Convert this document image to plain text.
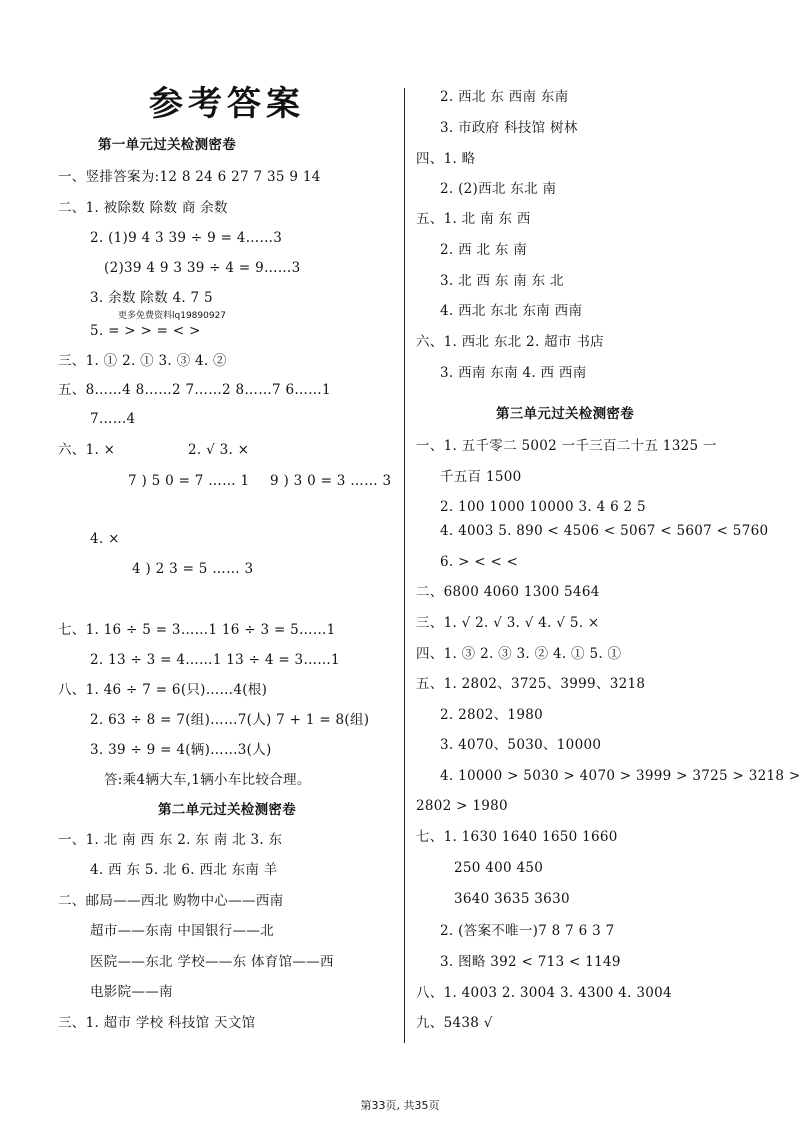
参考答案
第一单元过关检测密卷
一、竖排答案为:12 8 24 6 27 7 35 9 14
二、1. 被除数 除数 商 余数
2. (1)9 4 3 39 ÷ 9 = 4……3
(2)39 4 9 3 39 ÷ 4 = 9……3
3. 余数 除数 4. 7 5
更多免费资料lq19890927
5. = > > = < >
三、1. ① 2. ① 3. ③ 4. ②
五、8……4 8……2 7……2 8……7 6……1
7……4
六、1. ×	2. √ 3. ×
7 ) 5 0 = 7 …… 1 9 ) 3 0 = 3 …… 3
4. ×
4 ) 2 3 = 5 …… 3
七、1. 16 ÷ 5 = 3……1 16 ÷ 3 = 5……1
2. 13 ÷ 3 = 4……1 13 ÷ 4 = 3……1
八、1. 46 ÷ 7 = 6(只)……4(根)
2. 63 ÷ 8 = 7(组)……7(人) 7 + 1 = 8(组)
3. 39 ÷ 9 = 4(辆)……3(人)
答:乘4辆大车,1辆小车比较合理。
第二单元过关检测密卷
一、1. 北 南 西 东 2. 东 南 北 3. 东
4. 西 东 5. 北 6. 西北 东南 羊
二、邮局——西北 购物中心——西南
超市——东南 中国银行——北
医院——东北 学校——东 体育馆——西
电影院——南
三、1. 超市 学校 科技馆 天文馆
2. 西北 东 西南 东南
3. 市政府 科技馆 树林
四、1. 略
2. (2)西北 东北 南
五、1. 北 南 东 西
2. 西 北 东 南
3. 北 西 东 南 东 北
4. 西北 东北 东南 西南
六、1. 西北 东北 2. 超市 书店
3. 西南 东南 4. 西 西南
第三单元过关检测密卷
一、1. 五千零二 5002 一千三百二十五 1325 一
千五百 1500
2. 100 1000 10000 3. 4 6 2 5
4. 4003 5. 890 < 4506 < 5067 < 5607 < 5760
6. > < < <
二、6800 4060 1300 5464
三、1. √ 2. √ 3. √ 4. √ 5. ×
四、1. ③ 2. ③ 3. ② 4. ① 5. ①
五、1. 2802、3725、3999、3218
2. 2802、1980
3. 4070、5030、10000
4. 10000 > 5030 > 4070 > 3999 > 3725 > 3218 >
2802 > 1980
七、1. 1630 1640 1650 1660
250 400 450
3640 3635 3630
2. (答案不唯一)7 8 7 6 3 7
3. 图略 392 < 713 < 1149
八、1. 4003 2. 3004 3. 4300 4. 3004
九、5438 √
第33页, 共35页
